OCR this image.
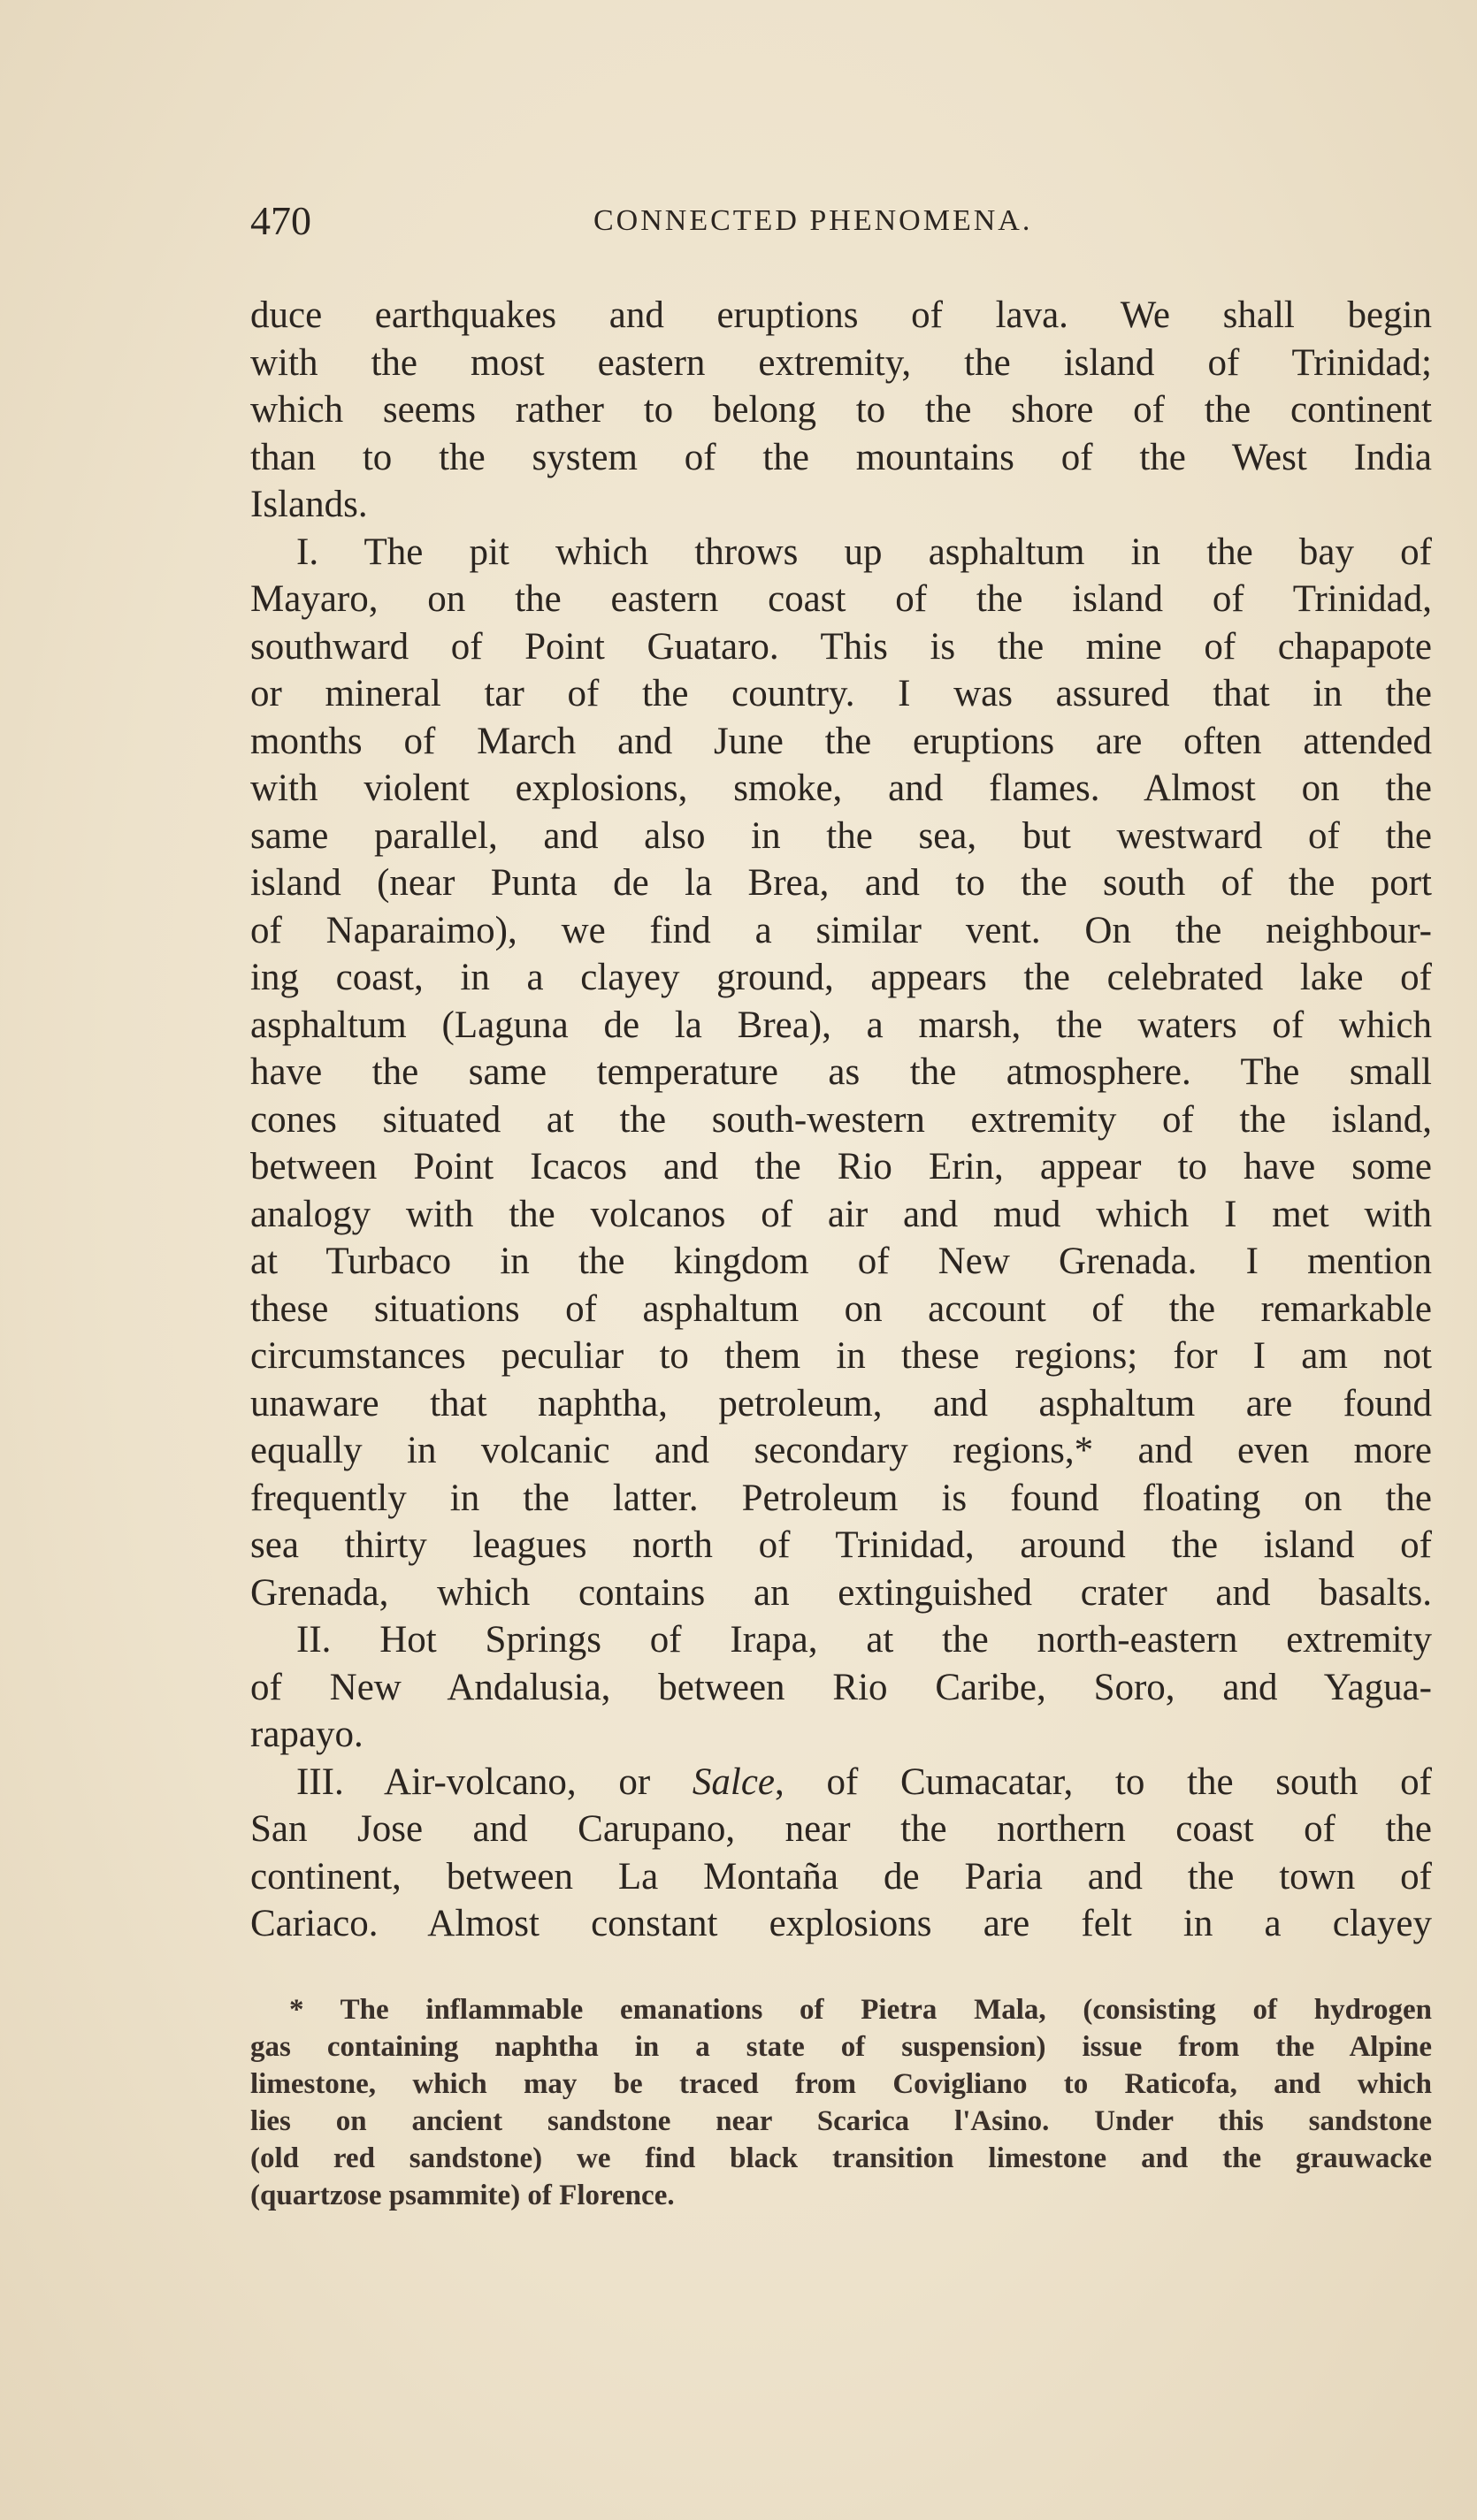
470	CONNECTED PHENOMENA.
duce earthquakes and eruptions of lava. We shall begin
with the most eastern extremity, the island of Trinidad;
which seems rather to belong to the shore of the continent
than to the system of the mountains of the West India
Islands.
I. The pit which throws up asphaltum in the bay of
Mayaro, on the eastern coast of the island of Trinidad,
southward of Point Guataro. This is the mine of chapapote
or mineral tar of the country. I was assured that in the
months of March and June the eruptions are often attended
with violent explosions, smoke, and flames. Almost on the
same parallel, and also in the sea, but westward of the
island (near Punta de la Brea, and to the south of the port
of Naparaimo), we find a similar vent. On the neighbour-
ing coast, in a clayey ground, appears the celebrated lake of
asphaltum (Laguna de la Brea), a marsh, the waters of which
have the same temperature as the atmosphere. The small
cones situated at the south-western extremity of the island,
between Point Icacos and the Rio Erin, appear to have some
analogy with the volcanos of air and mud which I met with
at Turbaco in the kingdom of New Grenada. I mention
these situations of asphaltum on account of the remarkable
circumstances peculiar to them in these regions; for I am not
unaware that naphtha, petroleum, and asphaltum are found
equally in volcanic and secondary regions,* and even more
frequently in the latter. Petroleum is found floating on the
sea thirty leagues north of Trinidad, around the island of
Grenada, which contains an extinguished crater and basalts.
II. Hot Springs of Irapa, at the north-eastern extremity
of New Andalusia, between Rio Caribe, Soro, and Yagua-
rapayo.
III. Air-volcano, or Salce, of Cumacatar, to the south of
San Jose and Carupano, near the northern coast of the
continent, between La Montaña de Paria and the town of
Cariaco. Almost constant explosions are felt in a clayey
* The inflammable emanations of Pietra Mala, (consisting of hydrogen
gas containing naphtha in a state of suspension) issue from the Alpine
limestone, which may be traced from Covigliano to Raticofa, and which
lies on ancient sandstone near Scarica l'Asino. Under this sandstone
(old red sandstone) we find black transition limestone and the grauwacke
(quartzose psammite) of Florence.
